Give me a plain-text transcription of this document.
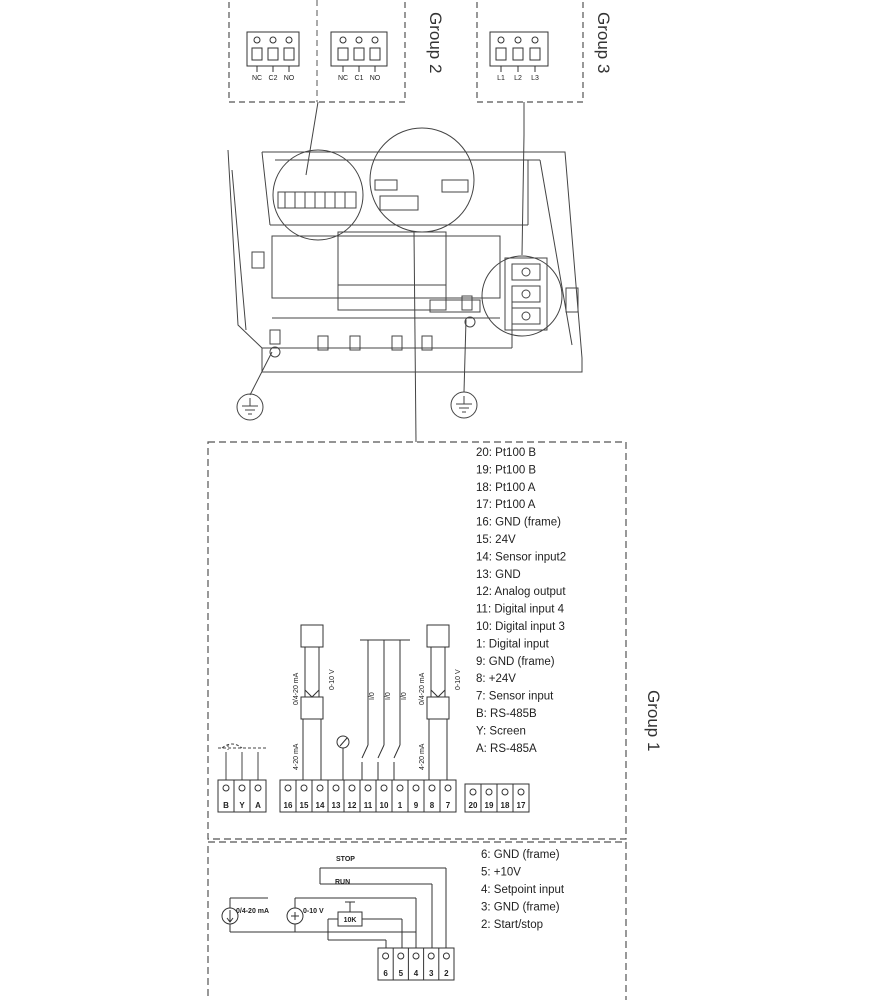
NC C2 NO	NC C1 NO
Group 2
L1 L2 L3
Group 3
Group 1
20: Pt100 B
19: Pt100 B
18: Pt100 A
17: Pt100 A
16: GND (frame)
15: 24V
14: Sensor input2
13: GND
12: Analog output
11: Digital input 4
10: Digital input 3
1: Digital input
9: GND (frame)
8: +24V
7: Sensor input
B: RS-485B
Y: Screen
A: RS-485A
B Y A	16 15 14 13 12 11 10 1 9 8 7 20 19 18 17
0/4-20 mA	0-10 V
4-20 mA
I/0 I/0 I/0 0/4-20 mA	0-10 V
4-20 mA
6: GND (frame)
5: +10V
4: Setpoint input
3: GND (frame)
2: Start/stop
STOP
RUN
0/4-20 mA	0-10 V
10K
6 5 4 3 2
